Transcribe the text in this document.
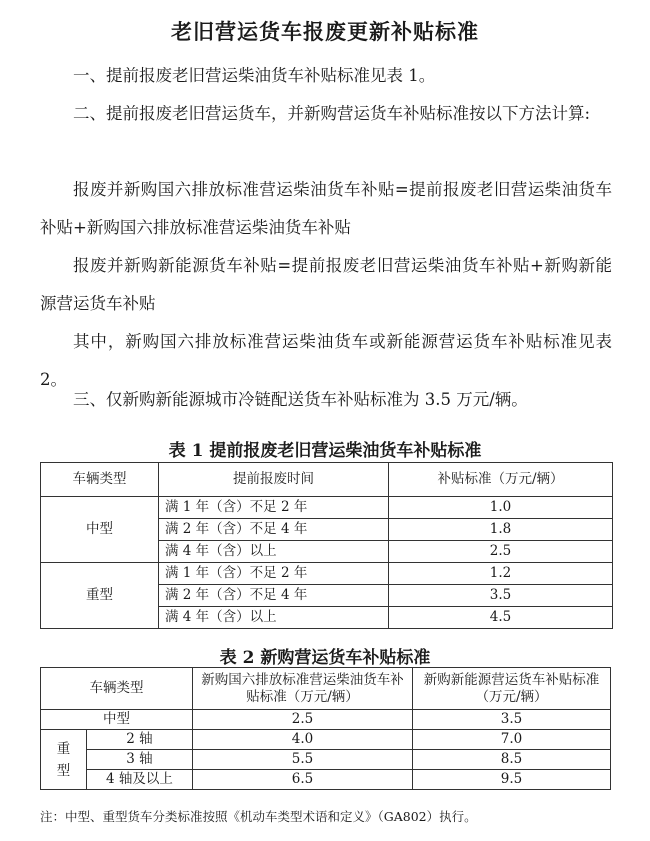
老旧营运货车报废更新补贴标准
一、提前报废老旧营运柴油货车补贴标准见表 1。
二、提前报废老旧营运货车，并新购营运货车补贴标准按以下方法计算:
报废并新购国六排放标准营运柴油货车补贴=提前报废老旧营运柴油货车补贴+新购国六排放标准营运柴油货车补贴
报废并新购新能源货车补贴=提前报废老旧营运柴油货车补贴+新购新能源营运货车补贴
其中，新购国六排放标准营运柴油货车或新能源营运货车补贴标准见表 2。
三、仅新购新能源城市冷链配送货车补贴标准为 3.5 万元/辆。
表 1 提前报废老旧营运柴油货车补贴标准
车辆类型	提前报废时间	补贴标准（万元/辆）
中型	满 1 年（含）不足 2 年	1.0
	满 2 年（含）不足 4 年	1.8
	满 4 年（含）以上	2.5
重型	满 1 年（含）不足 2 年	1.2
	满 2 年（含）不足 4 年	3.5
	满 4 年（含）以上	4.5
表 2 新购营运货车补贴标准
车辆类型		新购国六排放标准营运柴油货车补贴标准（万元/辆）	新购新能源营运货车补贴标准（万元/辆）
中型		2.5	3.5
重型	2 轴	4.0	7.0
	3 轴	5.5	8.5
	4 轴及以上	6.5	9.5
注：中型、重型货车分类标准按照《机动车类型术语和定义》（GA802）执行。
